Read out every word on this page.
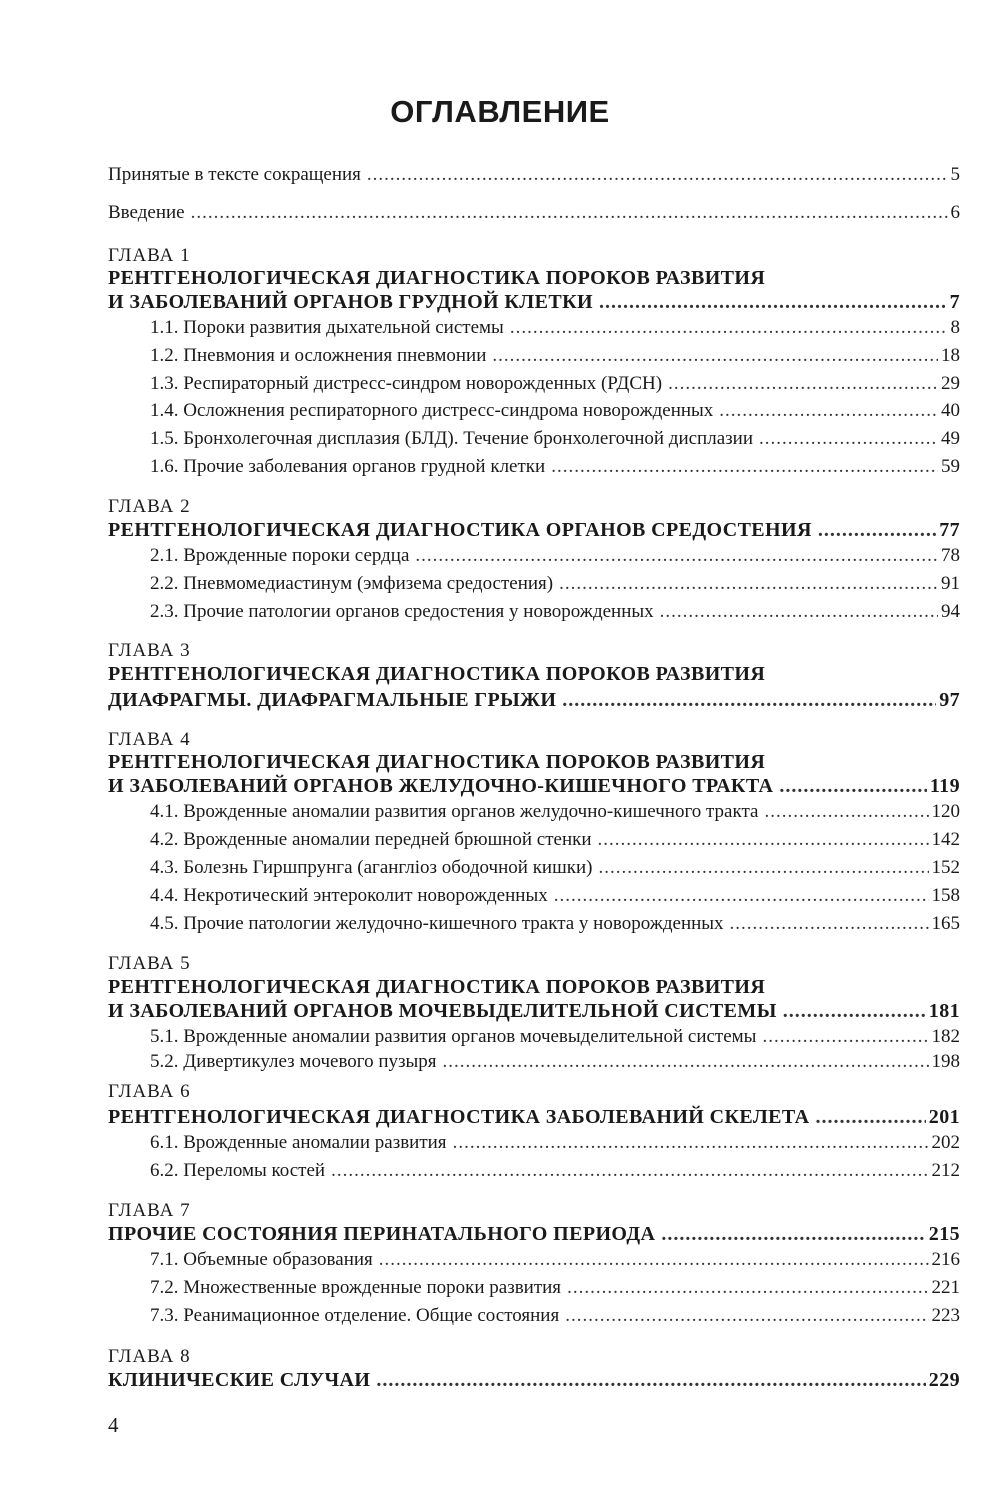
ОГЛАВЛЕНИЕ
Принятые в тексте сокращения .....	5
Введение .....	6
ГЛАВА 1
РЕНТГЕНОЛОГИЧЕСКАЯ ДИАГНОСТИКА ПОРОКОВ РАЗВИТИЯ
И ЗАБОЛЕВАНИЙ ОРГАНОВ ГРУДНОЙ КЛЕТКИ .....	7
1.1. Пороки развития дыхательной системы .....	8
1.2. Пневмония и осложнения пневмонии .....	18
1.3. Респираторный дистресс-синдром новорожденных (РДСН) .....	29
1.4. Осложнения респираторного дистресс-синдрома новорожденных .....	40
1.5. Бронхолегочная дисплазия (БЛД). Течение бронхолегочной дисплазии .....	49
1.6. Прочие заболевания органов грудной клетки .....	59
ГЛАВА 2
РЕНТГЕНОЛОГИЧЕСКАЯ ДИАГНОСТИКА ОРГАНОВ СРЕДОСТЕНИЯ .....	77
2.1. Врожденные пороки сердца .....	78
2.2. Пневмомедиастинум (эмфизема средостения) .....	91
2.3. Прочие патологии органов средостения у новорожденных .....	94
ГЛАВА 3
РЕНТГЕНОЛОГИЧЕСКАЯ ДИАГНОСТИКА ПОРОКОВ РАЗВИТИЯ
ДИАФРАГМЫ. ДИАФРАГМАЛЬНЫЕ ГРЫЖИ .....	97
ГЛАВА 4
РЕНТГЕНОЛОГИЧЕСКАЯ ДИАГНОСТИКА ПОРОКОВ РАЗВИТИЯ
И ЗАБОЛЕВАНИЙ ОРГАНОВ ЖЕЛУДОЧНО-КИШЕЧНОГО ТРАКТА .....	119
4.1. Врожденные аномалии развития органов желудочно-кишечного тракта .....	120
4.2. Врожденные аномалии передней брюшной стенки .....	142
4.3. Болезнь Гиршпрунга (агангліоз ободочной кишки) .....	152
4.4. Некротический энтероколит новорожденных .....	158
4.5. Прочие патологии желудочно-кишечного тракта у новорожденных .....	165
ГЛАВА 5
РЕНТГЕНОЛОГИЧЕСКАЯ ДИАГНОСТИКА ПОРОКОВ РАЗВИТИЯ
И ЗАБОЛЕВАНИЙ ОРГАНОВ МОЧЕВЫДЕЛИТЕЛЬНОЙ СИСТЕМЫ .....	181
5.1. Врожденные аномалии развития органов мочевыделительной системы .....	182
5.2. Дивертикулез мочевого пузыря .....	198
ГЛАВА 6
РЕНТГЕНОЛОГИЧЕСКАЯ ДИАГНОСТИКА ЗАБОЛЕВАНИЙ СКЕЛЕТА .....	201
6.1. Врожденные аномалии развития .....	202
6.2. Переломы костей .....	212
ГЛАВА 7
ПРОЧИЕ СОСТОЯНИЯ ПЕРИНАТАЛЬНОГО ПЕРИОДА .....	215
7.1. Объемные образования .....	216
7.2. Множественные врожденные пороки развития .....	221
7.3. Реанимационное отделение. Общие состояния .....	223
ГЛАВА 8
КЛИНИЧЕСКИЕ СЛУЧАИ .....	229
4
